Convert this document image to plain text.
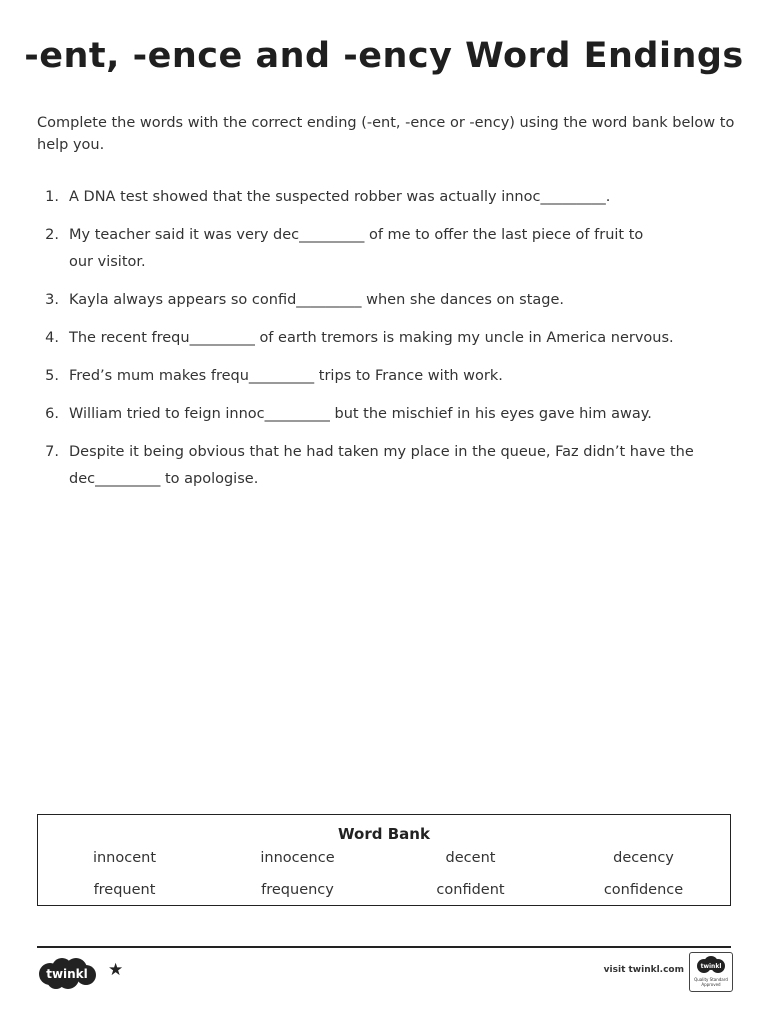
-ent, -ence and -ency Word Endings
Complete the words with the correct ending (-ent, -ence or -ency) using the word bank below to help you.
1. A DNA test showed that the suspected robber was actually innoc_________.
2. My teacher said it was very dec_________ of me to offer the last piece of fruit to our visitor.
3. Kayla always appears so confid_________ when she dances on stage.
4. The recent frequ_________ of earth tremors is making my uncle in America nervous.
5. Fred’s mum makes frequ_________ trips to France with work.
6. William tried to feign innoc_________ but the mischief in his eyes gave him away.
7. Despite it being obvious that he had taken my place in the queue, Faz didn’t have the dec_________ to apologise.
Word Bank
innocent	innocence	decent	decency
frequent	frequency	confident	confidence
twinkl ★	visit twinkl.com	twinkl
Quality Standard
Approved
